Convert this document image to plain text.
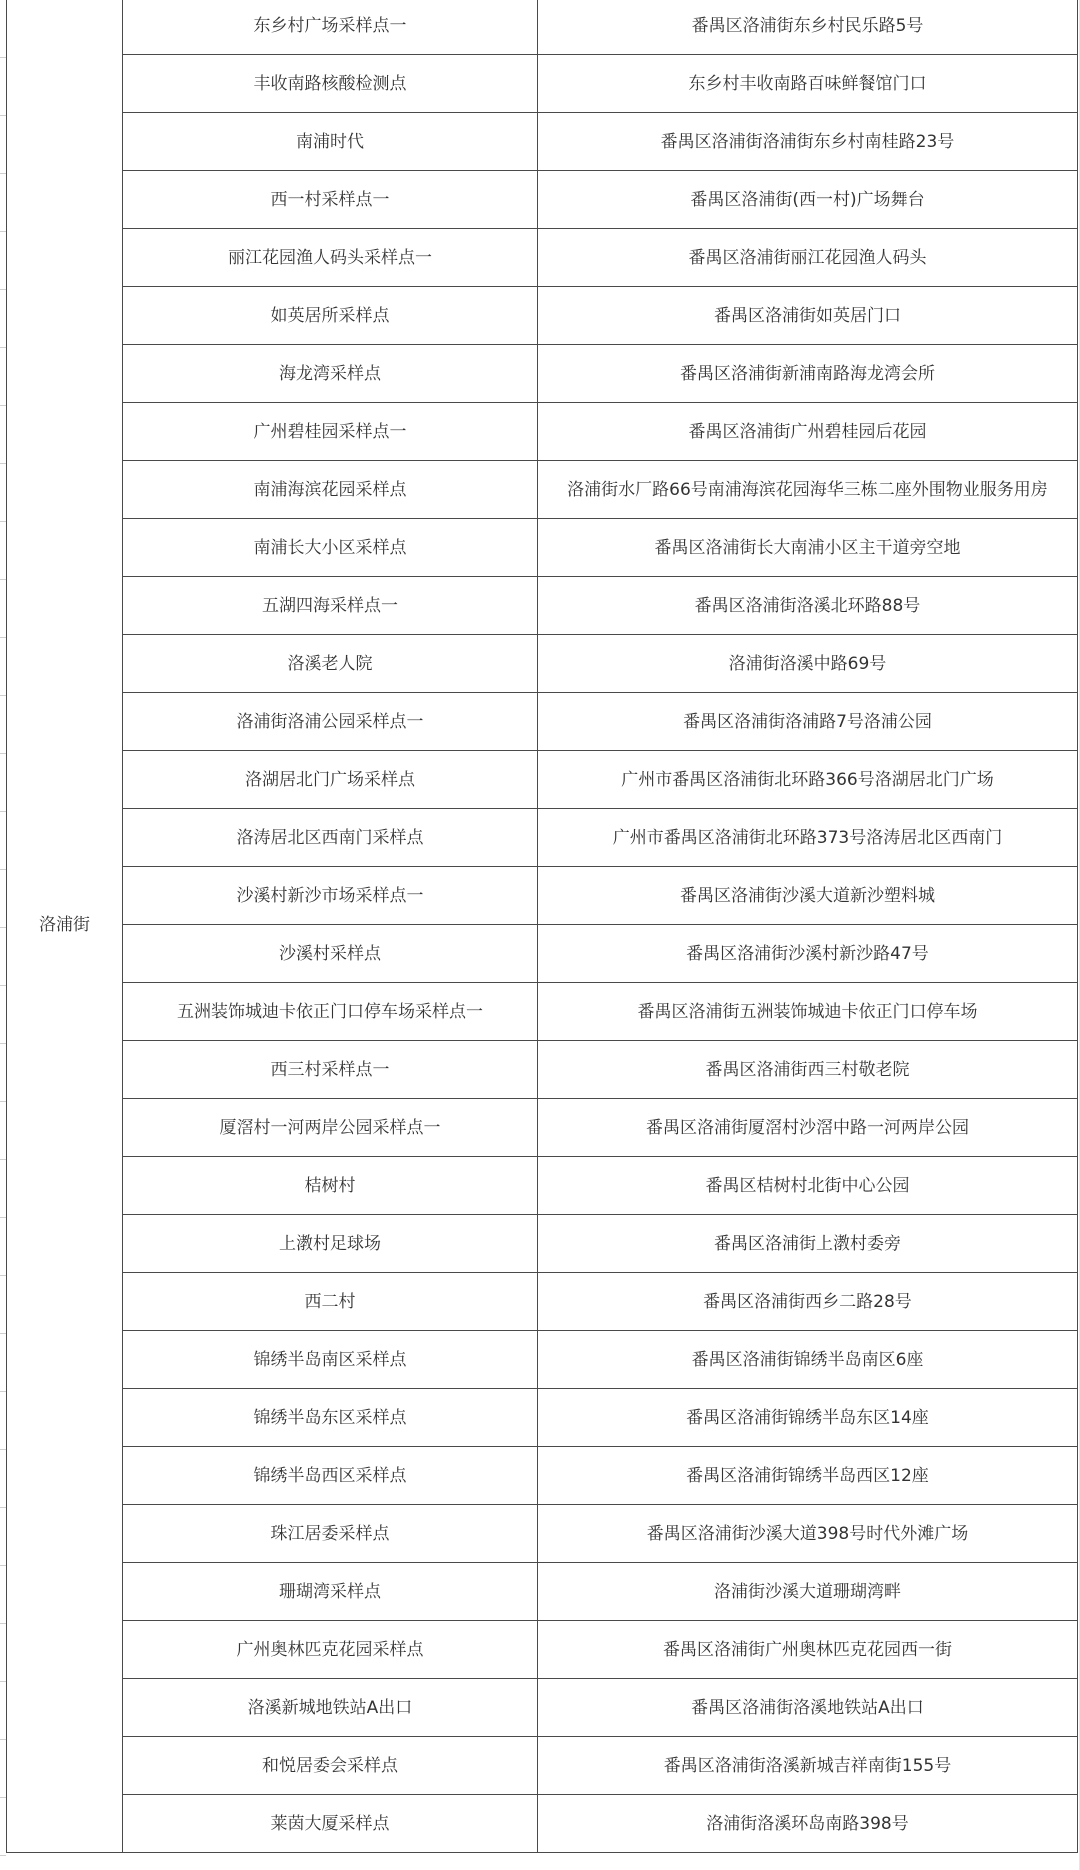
洛浦街	东乡村广场采样点一	番禺区洛浦街东乡村民乐路5号
	丰收南路核酸检测点	东乡村丰收南路百味鲜餐馆门口
	南浦时代	番禺区洛浦街洛浦街东乡村南桂路23号
	西一村采样点一	番禺区洛浦街(西一村)广场舞台
	丽江花园渔人码头采样点一	番禺区洛浦街丽江花园渔人码头
	如英居所采样点	番禺区洛浦街如英居门口
	海龙湾采样点	番禺区洛浦街新浦南路海龙湾会所
	广州碧桂园采样点一	番禺区洛浦街广州碧桂园后花园
	南浦海滨花园采样点	洛浦街水厂路66号南浦海滨花园海华三栋二座外围物业服务用房
	南浦长大小区采样点	番禺区洛浦街长大南浦小区主干道旁空地
	五湖四海采样点一	番禺区洛浦街洛溪北环路88号
	洛溪老人院	洛浦街洛溪中路69号
	洛浦街洛浦公园采样点一	番禺区洛浦街洛浦路7号洛浦公园
	洛湖居北门广场采样点	广州市番禺区洛浦街北环路366号洛湖居北门广场
	洛涛居北区西南门采样点	广州市番禺区洛浦街北环路373号洛涛居北区西南门
	沙溪村新沙市场采样点一	番禺区洛浦街沙溪大道新沙塑料城
	沙溪村采样点	番禺区洛浦街沙溪村新沙路47号
	五洲装饰城迪卡依正门口停车场采样点一	番禺区洛浦街五洲装饰城迪卡依正门口停车场
	西三村采样点一	番禺区洛浦街西三村敬老院
	厦滘村一河两岸公园采样点一	番禺区洛浦街厦滘村沙滘中路一河两岸公园
	桔树村	番禺区桔树村北街中心公园
	上漖村足球场	番禺区洛浦街上漖村委旁
	西二村	番禺区洛浦街西乡二路28号
	锦绣半岛南区采样点	番禺区洛浦街锦绣半岛南区6座
	锦绣半岛东区采样点	番禺区洛浦街锦绣半岛东区14座
	锦绣半岛西区采样点	番禺区洛浦街锦绣半岛西区12座
	珠江居委采样点	番禺区洛浦街沙溪大道398号时代外滩广场
	珊瑚湾采样点	洛浦街沙溪大道珊瑚湾畔
	广州奥林匹克花园采样点	番禺区洛浦街广州奥林匹克花园西一街
	洛溪新城地铁站A出口	番禺区洛浦街洛溪地铁站A出口
	和悦居委会采样点	番禺区洛浦街洛溪新城吉祥南街155号
	莱茵大厦采样点	洛浦街洛溪环岛南路398号
